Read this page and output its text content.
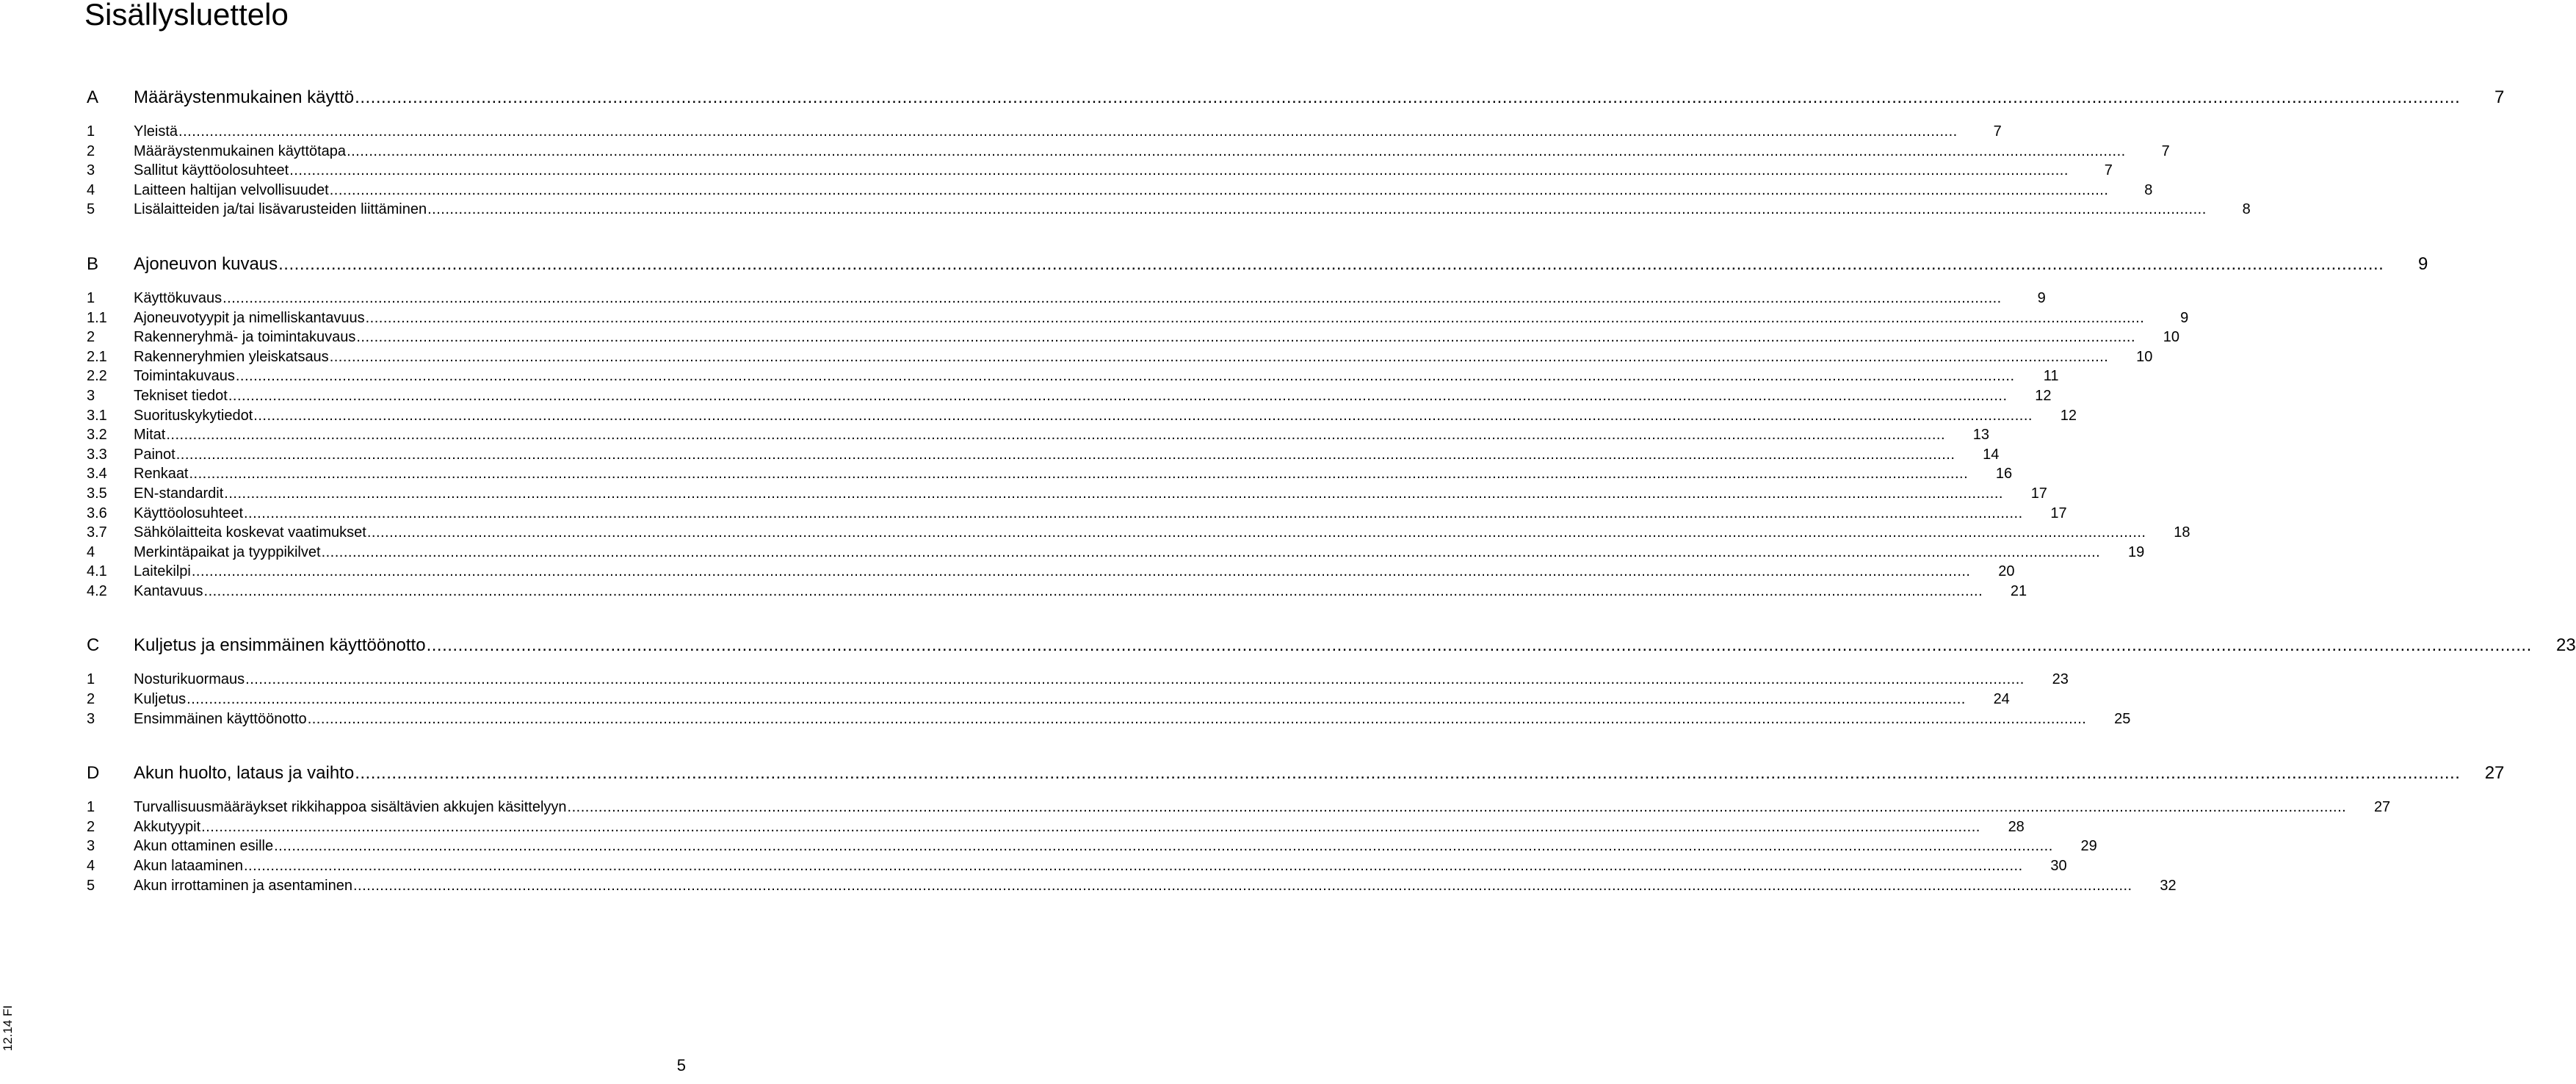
Sisällysluettelo
A	Määräystenmukainen käyttö ................................................................................................................................................................................................................................................................................................................................................................................................................	7
1	Yleistä ................................................................................................................................................................................................................................................................................................................................................................................................................	7
2	Määräystenmukainen käyttötapa ................................................................................................................................................................................................................................................................................................................................................................................................................	7
3	Sallitut käyttöolosuhteet ................................................................................................................................................................................................................................................................................................................................................................................................................	7
4	Laitteen haltijan velvollisuudet ................................................................................................................................................................................................................................................................................................................................................................................................................	8
5	Lisälaitteiden ja/tai lisävarusteiden liittäminen ................................................................................................................................................................................................................................................................................................................................................................................................................	8
B	Ajoneuvon kuvaus ................................................................................................................................................................................................................................................................................................................................................................................................................	9
1	Käyttökuvaus ................................................................................................................................................................................................................................................................................................................................................................................................................	9
1.1	Ajoneuvotyypit ja nimelliskantavuus ................................................................................................................................................................................................................................................................................................................................................................................................................	9
2	Rakenneryhmä- ja toimintakuvaus ................................................................................................................................................................................................................................................................................................................................................................................................................	10
2.1	Rakenneryhmien yleiskatsaus ................................................................................................................................................................................................................................................................................................................................................................................................................	10
2.2	Toimintakuvaus ................................................................................................................................................................................................................................................................................................................................................................................................................	11
3	Tekniset tiedot ................................................................................................................................................................................................................................................................................................................................................................................................................	12
3.1	Suorituskykytiedot ................................................................................................................................................................................................................................................................................................................................................................................................................	12
3.2	Mitat ................................................................................................................................................................................................................................................................................................................................................................................................................	13
3.3	Painot ................................................................................................................................................................................................................................................................................................................................................................................................................	14
3.4	Renkaat ................................................................................................................................................................................................................................................................................................................................................................................................................	16
3.5	EN-standardit ................................................................................................................................................................................................................................................................................................................................................................................................................	17
3.6	Käyttöolosuhteet ................................................................................................................................................................................................................................................................................................................................................................................................................	17
3.7	Sähkölaitteita koskevat vaatimukset ................................................................................................................................................................................................................................................................................................................................................................................................................	18
4	Merkintäpaikat ja tyyppikilvet ................................................................................................................................................................................................................................................................................................................................................................................................................	19
4.1	Laitekilpi ................................................................................................................................................................................................................................................................................................................................................................................................................	20
4.2	Kantavuus ................................................................................................................................................................................................................................................................................................................................................................................................................	21
C	Kuljetus ja ensimmäinen käyttöönotto ................................................................................................................................................................................................................................................................................................................................................................................................................	23
1	Nosturikuormaus ................................................................................................................................................................................................................................................................................................................................................................................................................	23
2	Kuljetus ................................................................................................................................................................................................................................................................................................................................................................................................................	24
3	Ensimmäinen käyttöönotto ................................................................................................................................................................................................................................................................................................................................................................................................................	25
D	Akun huolto, lataus ja vaihto ................................................................................................................................................................................................................................................................................................................................................................................................................	27
1	Turvallisuusmääräykset rikkihappoa sisältävien akkujen käsittelyyn ................................................................................................................................................................................................................................................................................................................................................................................................................	27
2	Akkutyypit ................................................................................................................................................................................................................................................................................................................................................................................................................	28
3	Akun ottaminen esille ................................................................................................................................................................................................................................................................................................................................................................................................................	29
4	Akun lataaminen ................................................................................................................................................................................................................................................................................................................................................................................................................	30
5	Akun irrottaminen ja asentaminen ................................................................................................................................................................................................................................................................................................................................................................................................................	32
12.14 FI
5
